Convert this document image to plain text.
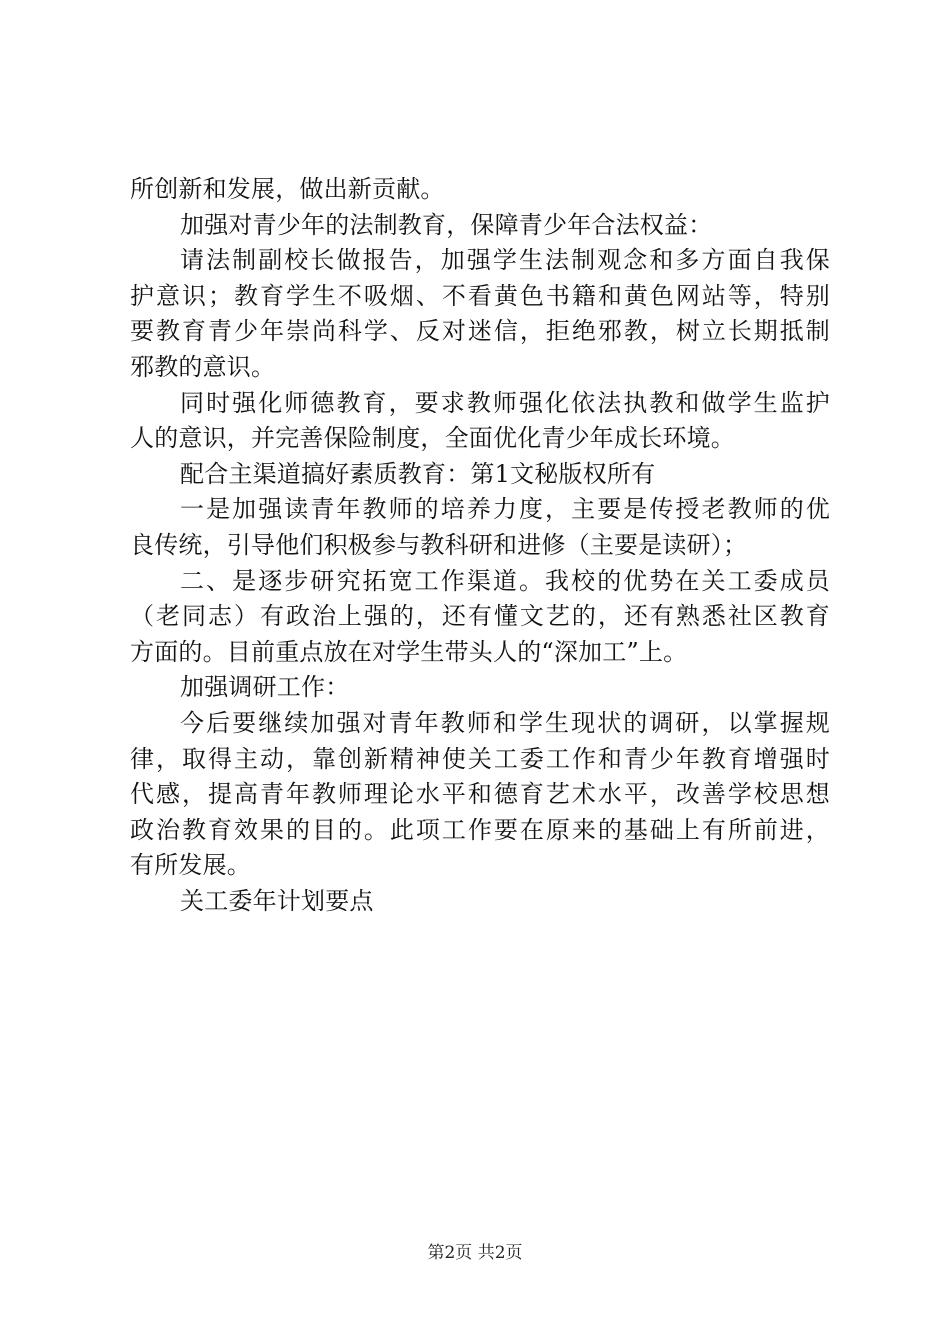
所创新和发展，做出新贡献。
加强对青少年的法制教育，保障青少年合法权益：
请法制副校长做报告，加强学生法制观念和多方面自我保
护意识；教育学生不吸烟、不看黄色书籍和黄色网站等，特别
要教育青少年崇尚科学、反对迷信，拒绝邪教，树立长期抵制
邪教的意识。
同时强化师德教育，要求教师强化依法执教和做学生监护
人的意识，并完善保险制度，全面优化青少年成长环境。
配合主渠道搞好素质教育：第1文秘版权所有
一是加强读青年教师的培养力度，主要是传授老教师的优
良传统，引导他们积极参与教科研和进修（主要是读研）；
二、是逐步研究拓宽工作渠道。我校的优势在关工委成员
（老同志）有政治上强的，还有懂文艺的，还有熟悉社区教育
方面的。目前重点放在对学生带头人的“深加工”上。
加强调研工作：
今后要继续加强对青年教师和学生现状的调研，以掌握规
律，取得主动，靠创新精神使关工委工作和青少年教育增强时
代感，提高青年教师理论水平和德育艺术水平，改善学校思想
政治教育效果的目的。此项工作要在原来的基础上有所前进，
有所发展。
关工委年计划要点
第2页 共2页
